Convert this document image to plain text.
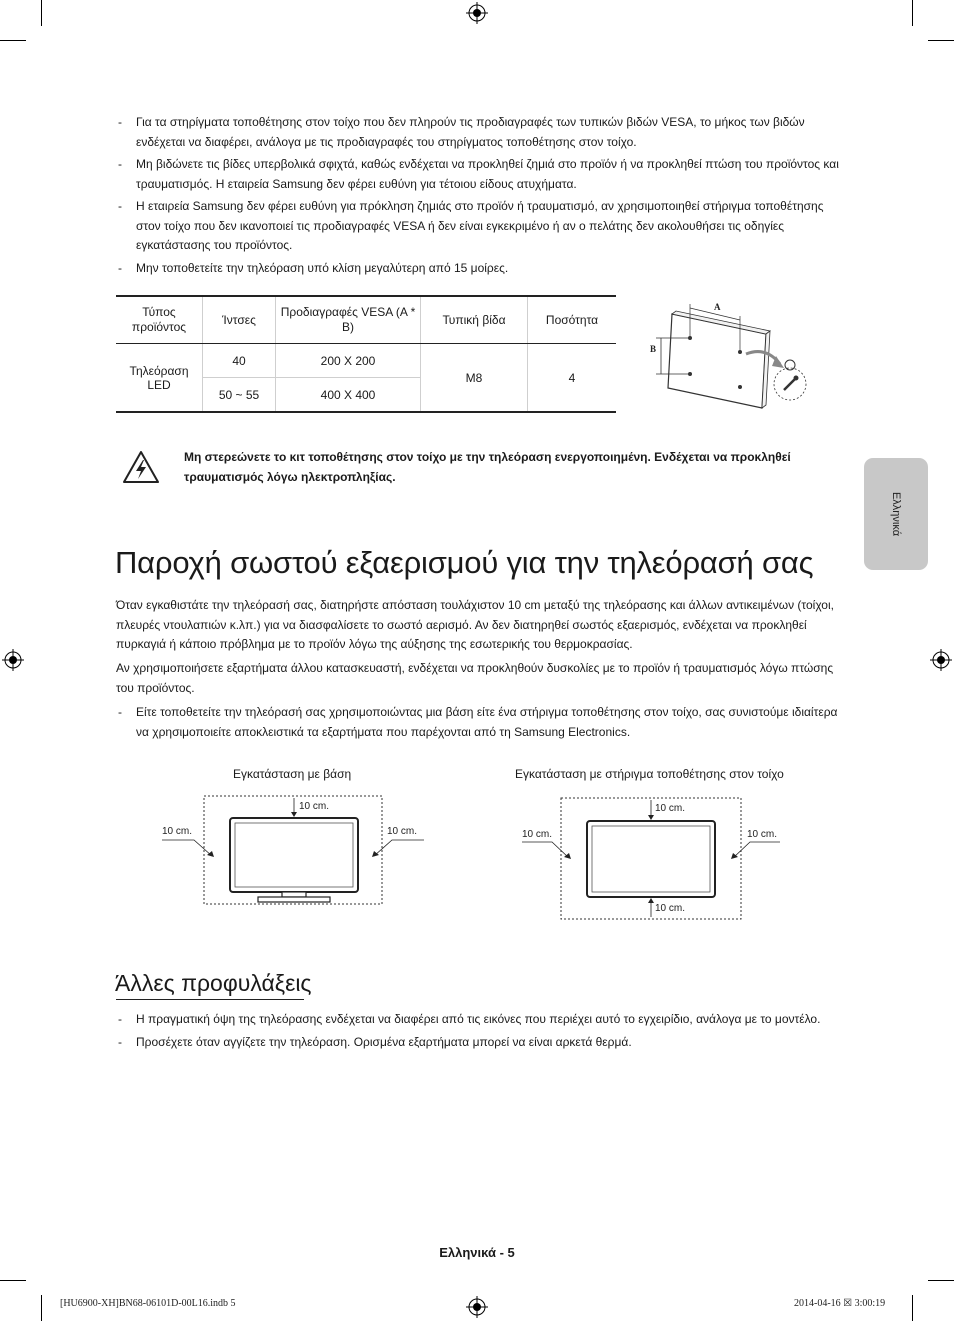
- Για τα στηρίγματα τοποθέτησης στον τοίχο που δεν πληρούν τις προδιαγραφές των τυπικών βιδών VESA, το μήκος των βιδών ενδέχεται να διαφέρει, ανάλογα με τις προδιαγραφές του στηρίγματος τοποθέτησης στον τοίχο.
- Μη βιδώνετε τις βίδες υπερβολικά σφιχτά, καθώς ενδέχεται να προκληθεί ζημιά στο προϊόν ή να προκληθεί πτώση του προϊόντος και τραυματισμός. Η εταιρεία Samsung δεν φέρει ευθύνη για τέτοιου είδους ατυχήματα.
- Η εταιρεία Samsung δεν φέρει ευθύνη για πρόκληση ζημιάς στο προϊόν ή τραυματισμό, αν χρησιμοποιηθεί στήριγμα τοποθέτησης στον τοίχο που δεν ικανοποιεί τις προδιαγραφές VESA ή δεν είναι εγκεκριμένο ή αν ο πελάτης δεν ακολουθήσει τις οδηγίες εγκατάστασης του προϊόντος.
- Μην τοποθετείτε την τηλεόραση υπό κλίση μεγαλύτερη από 15 μοίρες.
Τύπος προϊόντος	Ίντσες	Προδιαγραφές VESA (A * B)	Τυπική βίδα	Ποσότητα
Τηλεόραση LED	40	200 X 200	M8	4
	50 ~ 55	400 X 400		
A
B
Μη στερεώνετε το κιτ τοποθέτησης στον τοίχο με την τηλεόραση ενεργοποιημένη. Ενδέχεται να προκληθεί τραυματισμός λόγω ηλεκτροπληξίας.
Ελληνικά
Παροχή σωστού εξαερισμού για την τηλεόρασή σας

Όταν εγκαθιστάτε την τηλεόρασή σας, διατηρήστε απόσταση τουλάχιστον 10 cm μεταξύ της τηλεόρασης και άλλων αντικειμένων (τοίχοι, πλευρές ντουλαπιών κ.λπ.) για να διασφαλίσετε το σωστό αερισμό. Αν δεν διατηρηθεί σωστός εξαερισμός, ενδέχεται να προκληθεί πυρκαγιά ή κάποιο πρόβλημα με το προϊόν λόγω της αύξησης της εσωτερικής του θερμοκρασίας.

Αν χρησιμοποιήσετε εξαρτήματα άλλου κατασκευαστή, ενδέχεται να προκληθούν δυσκολίες με το προϊόν ή τραυματισμός λόγω πτώσης του προϊόντος.

- Είτε τοποθετείτε την τηλεόρασή σας χρησιμοποιώντας μια βάση είτε ένα στήριγμα τοποθέτησης στον τοίχο, σας συνιστούμε ιδιαίτερα να χρησιμοποιείτε αποκλειστικά τα εξαρτήματα που παρέχονται από τη Samsung Electronics.
Εγκατάσταση με βάση	Εγκατάσταση με στήριγμα τοποθέτησης στον τοίχο
10 cm.
10 cm.	10 cm.
10 cm.
10 cm.
10 cm.	10 cm.
Άλλες προφυλάξεις
- Η πραγματική όψη της τηλεόρασης ενδέχεται να διαφέρει από τις εικόνες που περιέχει αυτό το εγχειρίδιο, ανάλογα με το μοντέλο.
- Προσέχετε όταν αγγίζετε την τηλεόραση. Ορισμένα εξαρτήματα μπορεί να είναι αρκετά θερμά.
Ελληνικά - 5
[HU6900-XH]BN68-06101D-00L16.indb 5	2014-04-16 ☒ 3:00:19
